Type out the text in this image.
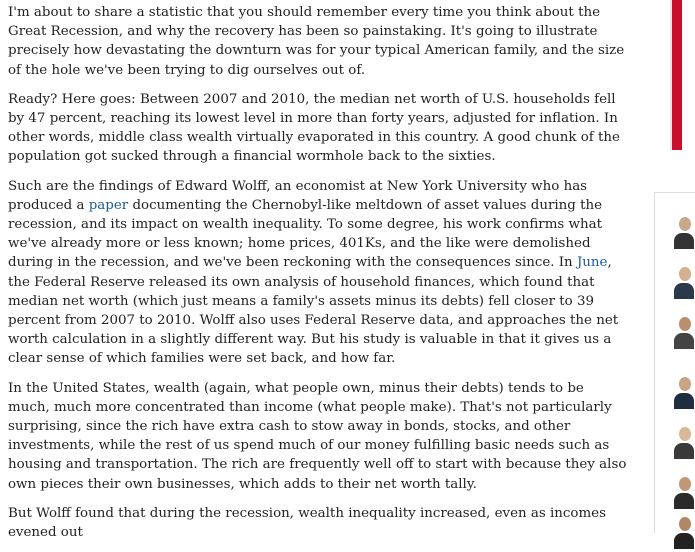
I'm about to share a statistic that you should remember every time you think about the Great Recession, and why the recovery has been so painstaking. It's going to illustrate precisely how devastating the downturn was for your typical American family, and the size of the hole we've been trying to dig ourselves out of.

Ready? Here goes: Between 2007 and 2010, the median net worth of U.S. households fell by 47 percent, reaching its lowest level in more than forty years, adjusted for inflation. In other words, middle class wealth virtually evaporated in this country. A good chunk of the population got sucked through a financial wormhole back to the sixties.

Such are the findings of Edward Wolff, an economist at New York University who has produced a paper documenting the Chernobyl-like meltdown of asset values during the recession, and its impact on wealth inequality. To some degree, his work confirms what we've already more or less known; home prices, 401Ks, and the like were demolished during in the recession, and we've been reckoning with the consequences since. In June, the Federal Reserve released its own analysis of household finances, which found that median net worth (which just means a family's assets minus its debts) fell closer to 39 percent from 2007 to 2010. Wolff also uses Federal Reserve data, and approaches the net worth calculation in a slightly different way. But his study is valuable in that it gives us a clear sense of which families were set back, and how far.

In the United States, wealth (again, what people own, minus their debts) tends to be much, much more concentrated than income (what people make). That's not particularly surprising, since the rich have extra cash to stow away in bonds, stocks, and other investments, while the rest of us spend much of our money fulfilling basic needs such as housing and transportation. The rich are frequently well off to start with because they also own pieces their own businesses, which adds to their net worth tally.

But Wolff found that during the recession, wealth inequality increased, even as incomes evened out
